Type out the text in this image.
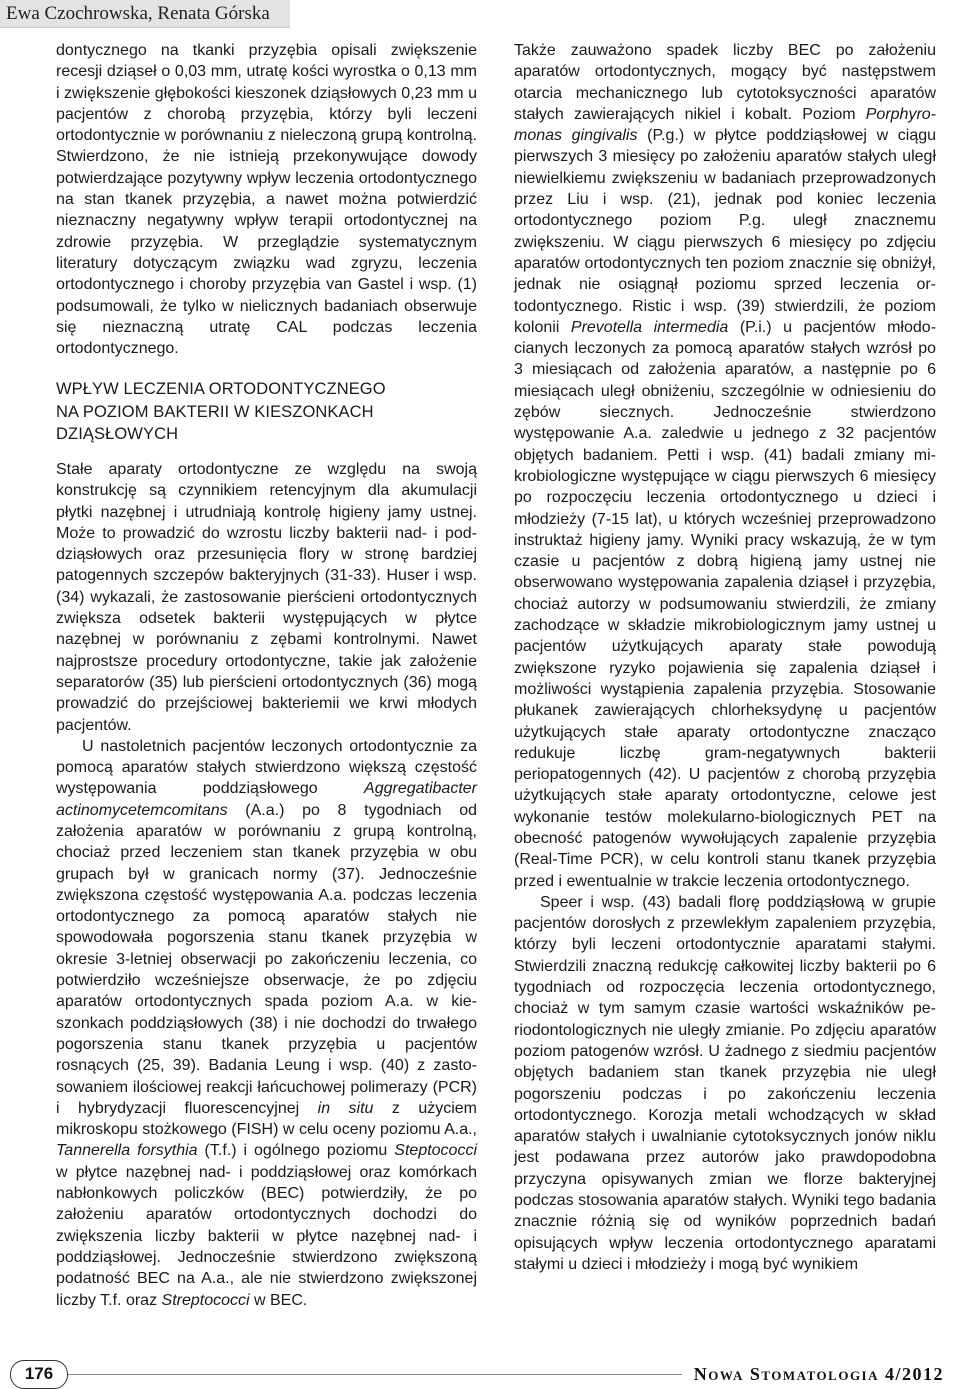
Ewa Czochrowska, Renata Górska

dontycznego na tkanki przyzębia opisali zwiększenie recesji dziąseł o 0,03 mm, utratę kości wyrostka o 0,13 mm i zwiększenie głębokości kieszonek dziąsłowych 0,23 mm u pacjentów z chorobą przyzębia, którzy byli leczeni ortodontycznie w porównaniu z nieleczoną grupą kontrolną. Stwierdzono, że nie istnieją przekonywujące dowody potwierdzające pozytywny wpływ leczenia ortodontycznego na stan tkanek przyzębia, a nawet można potwierdzić nieznaczny negatywny wpływ terapii ortodontycznej na zdrowie przyzębia. W przeglądzie systematycznym literatury dotyczącym związku wad zgryzu, leczenia ortodontycznego i choroby przyzębia van Gastel i wsp. (1) podsumowali, że tylko w nielicznych badaniach obserwuje się nieznaczną utratę CAL podczas leczenia ortodontycznego.

WPŁYW LECZENIA ORTODONTYCZNEGO
NA POZIOM BAKTERII W KIESZONKACH
DZIĄSŁOWYCH

Stałe aparaty ortodontyczne ze względu na swoją konstrukcję są czynnikiem retencyjnym dla akumulacji płytki nazębnej i utrudniają kontrolę higieny jamy ustnej. Może to prowadzić do wzrostu liczby bakterii nad- i poddziąsłowych oraz przesunięcia flory w stronę bardziej patogennych szczepów bakteryjnych (31-33). Huser i wsp. (34) wykazali, że zastosowanie pierścieni ortodontycznych zwiększa odsetek bakterii występujących w płytce nazębnej w porównaniu z zębami kontrolnymi. Nawet najprostsze procedury ortodontyczne, takie jak założenie separatorów (35) lub pierścieni ortodontycznych (36) mogą prowadzić do przejściowej bakteriemii we krwi młodych pacjentów.

U nastoletnich pacjentów leczonych ortodontycznie za pomocą aparatów stałych stwierdzono większą częstość występowania poddziąsłowego Aggregatibacter actinomycetemcomitans (A.a.) po 8 tygodniach od założenia aparatów w porównaniu z grupą kontrolną, chociaż przed leczeniem stan tkanek przyzębia w obu grupach był w granicach normy (37). Jednocześnie zwiększona częstość występowania A.a. podczas leczenia ortodontycznego za pomocą aparatów stałych nie spowodowała pogorszenia stanu tkanek przyzębia w okresie 3-letniej obserwacji po zakończeniu leczenia, co potwierdziło wcześniejsze obserwacje, że po zdjęciu aparatów ortodontycznych spada poziom A.a. w kieszonkach poddziąsłowych (38) i nie dochodzi do trwałego pogorszenia stanu tkanek przyzębia u pacjentów rosnących (25, 39). Badania Leung i wsp. (40) z zastosowaniem ilościowej reakcji łańcuchowej polimerazy (PCR) i hybrydyzacji fluorescencyjnej in situ z użyciem mikroskopu stożkowego (FISH) w celu oceny poziomu A.a., Tannerella forsythia (T.f.) i ogólnego poziomu Steptococci w płytce nazębnej nad- i poddziąsłowej oraz komórkach nabłonkowych policzków (BEC) potwierdziły, że po założeniu aparatów ortodontycznych dochodzi do zwiększenia liczby bakterii w płytce nazębnej nad- i poddziąsłowej. Jednocześnie stwierdzono zwiększoną podatność BEC na A.a., ale nie stwierdzono zwiększonej liczby T.f. oraz Streptococci w BEC.

Także zauważono spadek liczby BEC po założeniu aparatów ortodontycznych, mogący być następstwem otarcia mechanicznego lub cytotoksyczności aparatów stałych zawierających nikiel i kobalt. Poziom Porphyromonas gingivalis (P.g.) w płytce poddziąsłowej w ciągu pierwszych 3 miesięcy po założeniu aparatów stałych uległ niewielkiemu zwiększeniu w badaniach przeprowadzonych przez Liu i wsp. (21), jednak pod koniec leczenia ortodontycznego poziom P.g. uległ znacznemu zwiększeniu. W ciągu pierwszych 6 miesięcy po zdjęciu aparatów ortodontycznych ten poziom znacznie się obniżył, jednak nie osiągnął poziomu sprzed leczenia ortodontycznego. Ristic i wsp. (39) stwierdzili, że poziom kolonii Prevotella intermedia (P.i.) u pacjentów młodocianych leczonych za pomocą aparatów stałych wzrósł po 3 miesiącach od założenia aparatów, a następnie po 6 miesiącach uległ obniżeniu, szczególnie w odniesieniu do zębów siecznych. Jednocześnie stwierdzono występowanie A.a. zaledwie u jednego z 32 pacjentów objętych badaniem. Petti i wsp. (41) badali zmiany mikrobiologiczne występujące w ciągu pierwszych 6 miesięcy po rozpoczęciu leczenia ortodontycznego u dzieci i młodzieży (7-15 lat), u których wcześniej przeprowadzono instruktaż higieny jamy. Wyniki pracy wskazują, że w tym czasie u pacjentów z dobrą higieną jamy ustnej nie obserwowano występowania zapalenia dziąseł i przyzębia, chociaż autorzy w podsumowaniu stwierdzili, że zmiany zachodzące w składzie mikrobiologicznym jamy ustnej u pacjentów użytkujących aparaty stałe powodują zwiększone ryzyko pojawienia się zapalenia dziąseł i możliwości wystąpienia zapalenia przyzębia. Stosowanie płukanek zawierających chlorheksydynę u pacjentów użytkujących stałe aparaty ortodontyczne znacząco redukuje liczbę gram-negatywnych bakterii periopatogennych (42). U pacjentów z chorobą przyzębia użytkujących stałe aparaty ortodontyczne, celowe jest wykonanie testów molekularno-biologicznych PET na obecność patogenów wywołujących zapalenie przyzębia (Real-Time PCR), w celu kontroli stanu tkanek przyzębia przed i ewentualnie w trakcie leczenia ortodontycznego.

Speer i wsp. (43) badali florę poddziąsłową w grupie pacjentów dorosłych z przewlekłym zapaleniem przyzębia, którzy byli leczeni ortodontycznie aparatami stałymi. Stwierdzili znaczną redukcję całkowitej liczby bakterii po 6 tygodniach od rozpoczęcia leczenia ortodontycznego, chociaż w tym samym czasie wartości wskaźników periodontologicznych nie uległy zmianie. Po zdjęciu aparatów poziom patogenów wzrósł. U żadnego z siedmiu pacjentów objętych badaniem stan tkanek przyzębia nie uległ pogorszeniu podczas i po zakończeniu leczenia ortodontycznego. Korozja metali wchodzących w skład aparatów stałych i uwalnianie cytotoksycznych jonów niklu jest podawana przez autorów jako prawdopodobna przyczyna opisywanych zmian we florze bakteryjnej podczas stosowania aparatów stałych. Wyniki tego badania znacznie różnią się od wyników poprzednich badań opisujących wpływ leczenia ortodontycznego aparatami stałymi u dzieci i młodzieży i mogą być wynikiem

176	Nowa Stomatologia 4/2012
